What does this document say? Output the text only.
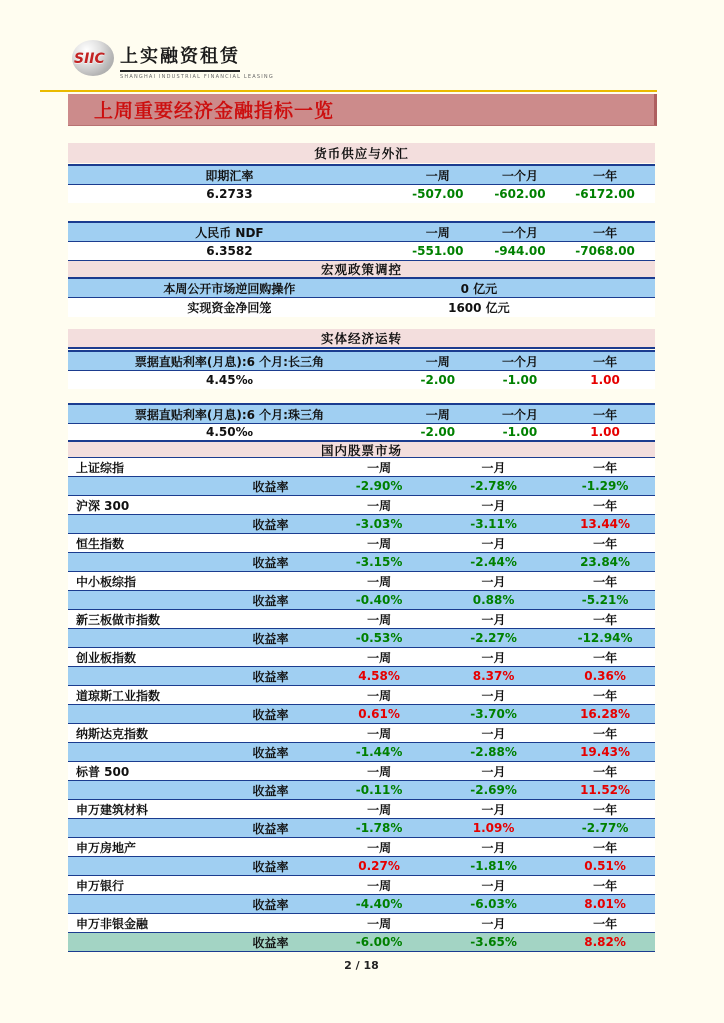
SIIC 上实融资租赁
SHANGHAI INDUSTRIAL FINANCIAL LEASING
上周重要经济金融指标一览
货币供应与外汇
即期汇率	一周	一个月	一年
6.2733	-507.00	-602.00	-6172.00
人民币 NDF	一周	一个月	一年
6.3582	-551.00	-944.00	-7068.00
宏观政策调控
本周公开市场逆回购操作	0 亿元
实现资金净回笼	1600 亿元
实体经济运转
票据直贴利率(月息):6 个月:长三角	一周	一个月	一年
4.45‰	-2.00	-1.00	1.00
票据直贴利率(月息):6 个月:珠三角	一周	一个月	一年
4.50‰	-2.00	-1.00	1.00
国内股票市场
上证综指	一周	一月	一年
收益率	-2.90%	-2.78%	-1.29%
沪深 300	一周	一月	一年
收益率	-3.03%	-3.11%	13.44%
恒生指数	一周	一月	一年
收益率	-3.15%	-2.44%	23.84%
中小板综指	一周	一月	一年
收益率	-0.40%	0.88%	-5.21%
新三板做市指数	一周	一月	一年
收益率	-0.53%	-2.27%	-12.94%
创业板指数	一周	一月	一年
收益率	4.58%	8.37%	0.36%
道琼斯工业指数	一周	一月	一年
收益率	0.61%	-3.70%	16.28%
纳斯达克指数	一周	一月	一年
收益率	-1.44%	-2.88%	19.43%
标普 500	一周	一月	一年
收益率	-0.11%	-2.69%	11.52%
申万建筑材料	一周	一月	一年
收益率	-1.78%	1.09%	-2.77%
申万房地产	一周	一月	一年
收益率	0.27%	-1.81%	0.51%
申万银行	一周	一月	一年
收益率	-4.40%	-6.03%	8.01%
申万非银金融	一周	一月	一年
收益率	-6.00%	-3.65%	8.82%
2 / 18
